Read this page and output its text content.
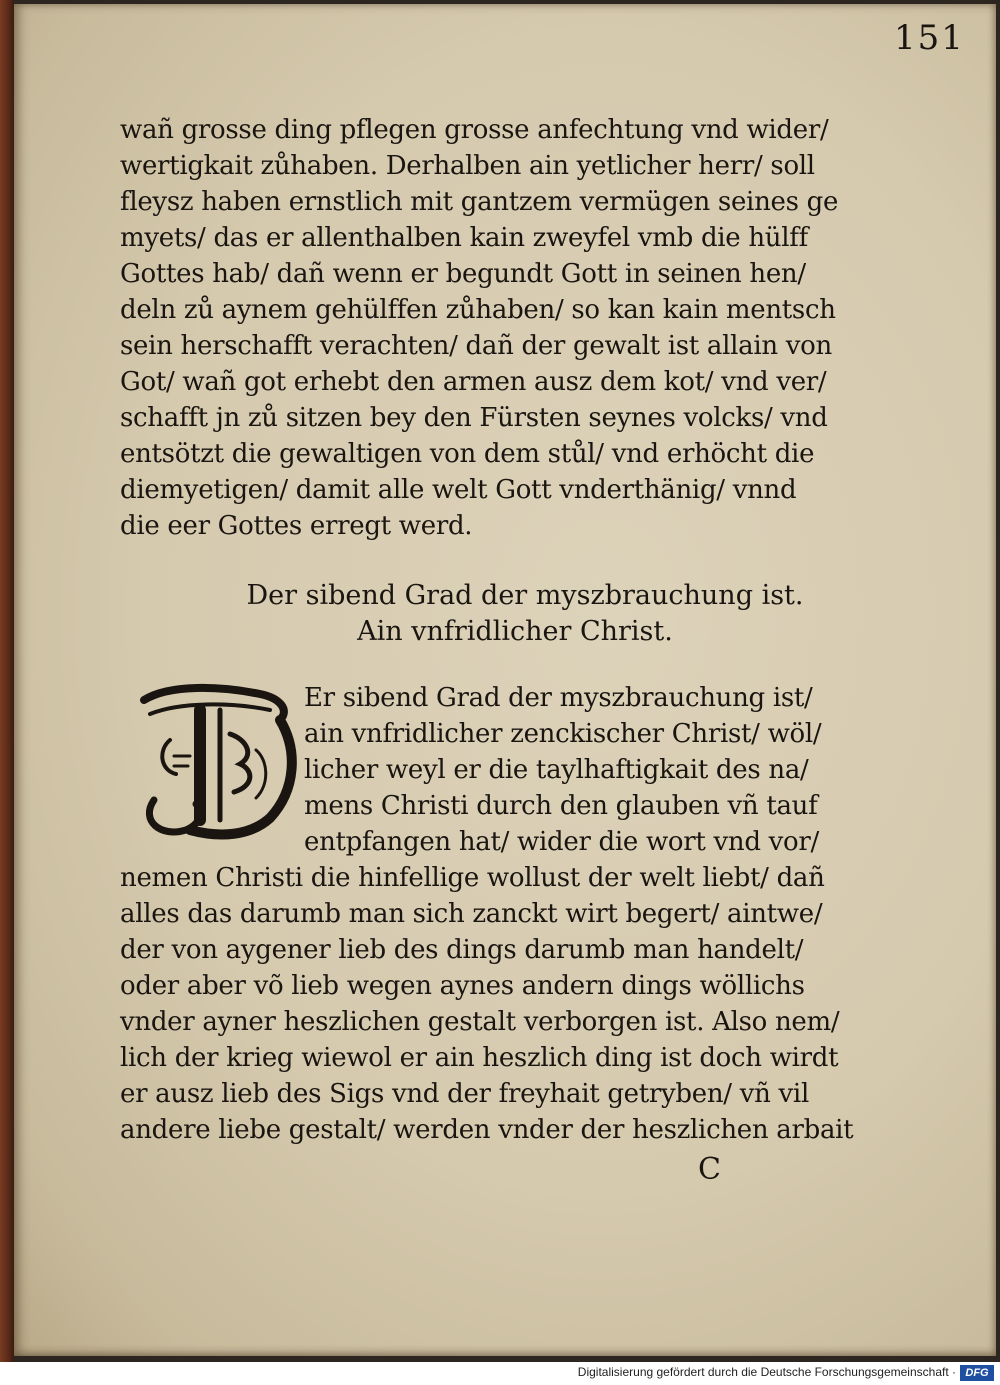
151
wañ grosse ding pflegen grosse anfechtung vnd wider/
wertigkait zůhaben. Derhalben ain yetlicher herr/ soll
fleysz haben ernstlich mit gantzem vermügen seines ge
myets/ das er allenthalben kain zweyfel vmb die hülff
Gottes hab/ dañ wenn er begundt Gott in seinen hen/
deln zů aynem gehülffen zůhaben/ so kan kain mentsch
sein herschafft verachten/ dañ der gewalt ist allain von
Got/ wañ got erhebt den armen ausz dem kot/ vnd ver/
schafft jn zů sitzen bey den Fürsten seynes volcks/ vnd
entsötzt die gewaltigen von dem stůl/ vnd erhöcht die
diemyetigen/ damit alle welt Gott vnderthänig/ vnnd
die eer Gottes erregt werd.
Der sibend Grad der myszbrauchung ist.
Ain vnfridlicher Christ.
Er sibend Grad der myszbrauchung ist/
ain vnfridlicher zenckischer Christ/ wöl/
licher weyl er die taylhaftigkait des na/
mens Christi durch den glauben vñ tauf
entpfangen hat/ wider die wort vnd vor/
nemen Christi die hinfellige wollust der welt liebt/ dañ
alles das darumb man sich zanckt wirt begert/ aintwe/
der von aygener lieb des dings darumb man handelt/
oder aber võ lieb wegen aynes andern dings wöllichs
vnder ayner heszlichen gestalt verborgen ist. Also nem/
lich der krieg wiewol er ain heszlich ding ist doch wirdt
er ausz lieb des Sigs vnd der freyhait getryben/ vñ vil
andere liebe gestalt/ werden vnder der heszlichen arbait
C
Digitalisierung gefördert durch die Deutsche Forschungsgemeinschaft · DFG
